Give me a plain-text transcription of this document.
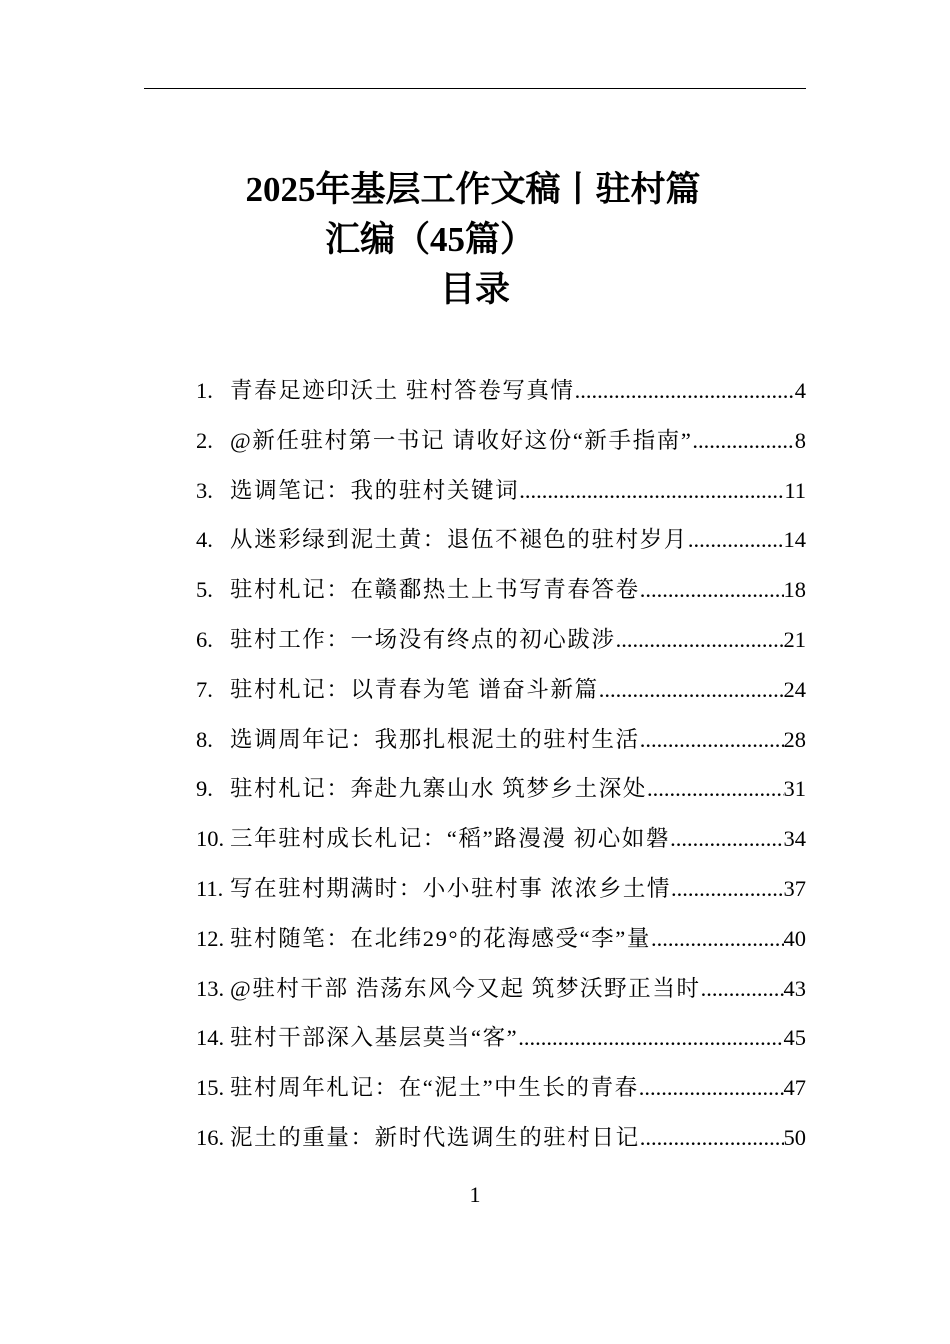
2025年基层工作文稿丨驻村篇
汇编（45篇）
目录
1. 青春足迹印沃土 驻村答卷写真情 .....	4
2. @新任驻村第一书记 请收好这份“新手指南” .....	8
3. 选调笔记：我的驻村关键词 .....	11
4. 从迷彩绿到泥土黄：退伍不褪色的驻村岁月 .....	14
5. 驻村札记：在赣鄱热土上书写青春答卷 .....	18
6. 驻村工作：一场没有终点的初心跋涉 .....	21
7. 驻村札记：以青春为笔 谱奋斗新篇 .....	24
8. 选调周年记：我那扎根泥土的驻村生活 .....	28
9. 驻村札记：奔赴九寨山水 筑梦乡土深处 .....	31
10. 三年驻村成长札记：“稻”路漫漫 初心如磐 .....	34
11. 写在驻村期满时：小小驻村事 浓浓乡土情 .....	37
12. 驻村随笔：在北纬29°的花海感受“李”量 .....	40
13. @驻村干部 浩荡东风今又起 筑梦沃野正当时 .....	43
14. 驻村干部深入基层莫当“客” .....	45
15. 驻村周年札记：在“泥土”中生长的青春 .....	47
16. 泥土的重量：新时代选调生的驻村日记 .....	50
1
